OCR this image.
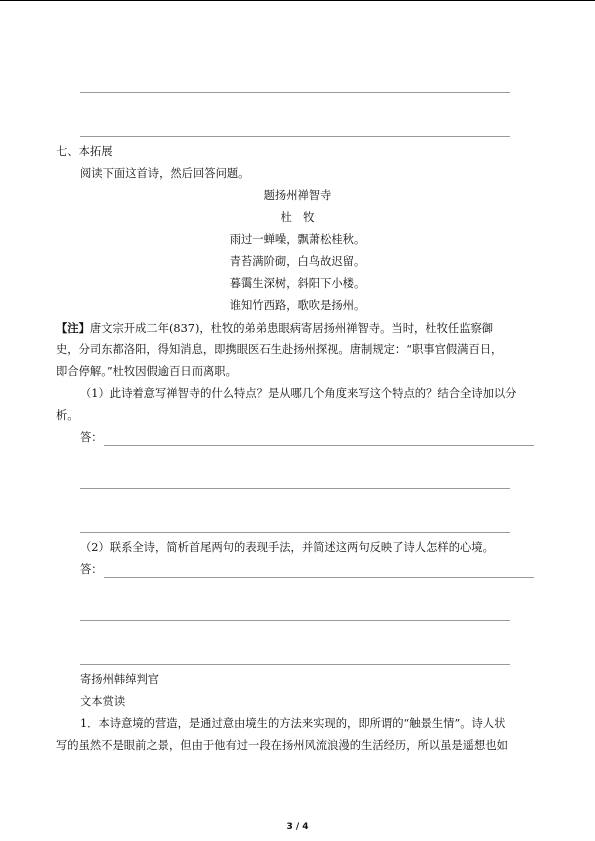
七、本拓展
阅读下面这首诗，然后回答问题。
题扬州禅智寺
杜　牧
雨过一蝉噪，飘萧松桂秋。
青苔满阶砌，白鸟故迟留。
暮霭生深树，斜阳下小楼。
谁知竹西路，歌吹是扬州。
【注】唐文宗开成二年(837)，杜牧的弟弟患眼病寄居扬州禅智寺。当时，杜牧任监察御
史，分司东都洛阳，得知消息，即携眼医石生赴扬州探视。唐制规定：“职事官假满百日，
即合停解。”杜牧因假逾百日而离职。
（1）此诗着意写禅智寺的什么特点？是从哪几个角度来写这个特点的？结合全诗加以分
析。
答：
（2）联系全诗，简析首尾两句的表现手法，并简述这两句反映了诗人怎样的心境。
答：
寄扬州韩绰判官
文本赏读
1．本诗意境的营造，是通过意由境生的方法来实现的，即所谓的“触景生情”。诗人状
写的虽然不是眼前之景，但由于他有过一段在扬州风流浪漫的生活经历，所以虽是遥想也如
3 / 4
